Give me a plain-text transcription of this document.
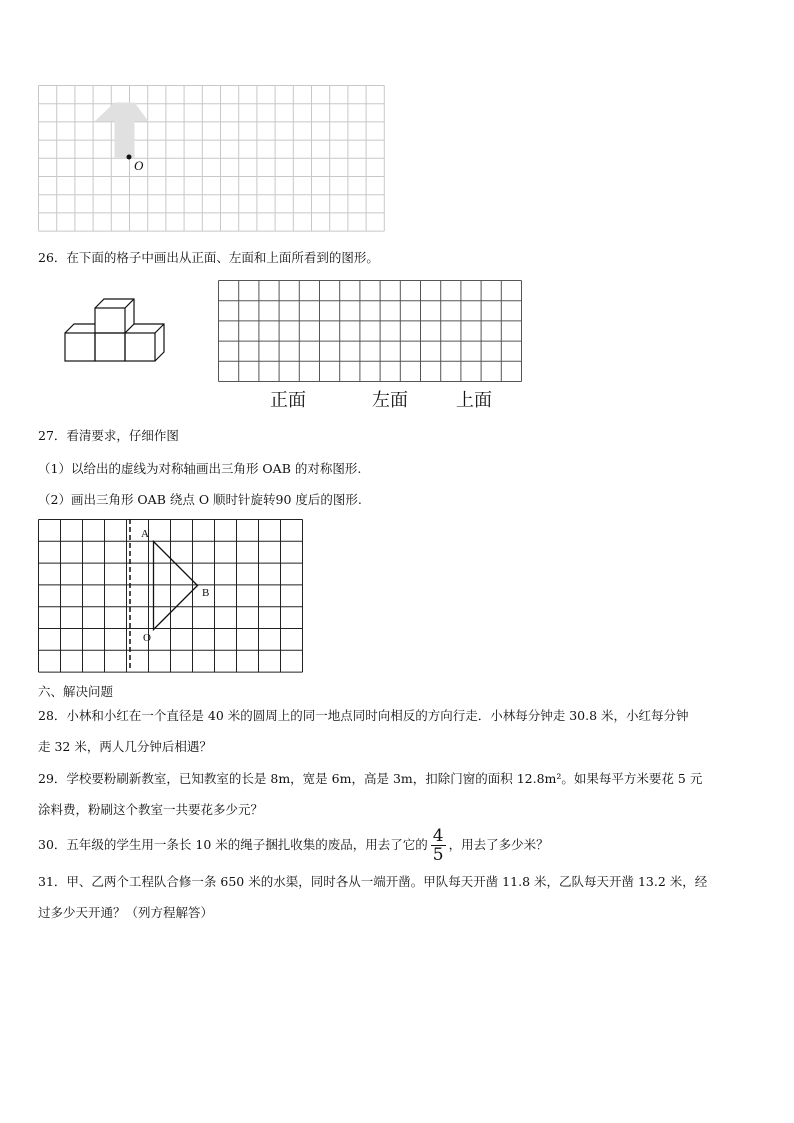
O
26．在下面的格子中画出从正面、左面和上面所看到的图形。
正面	左面	上面
27．看清要求，仔细作图
（1）以给出的虚线为对称轴画出三角形 OAB 的对称图形.
（2）画出三角形 OAB 绕点 O 顺时针旋转90 度后的图形.
A
B
O
六、解决问题
28．小林和小红在一个直径是 40 米的圆周上的同一地点同时向相反的方向行走．小林每分钟走 30.8 米，小红每分钟
走 32 米，两人几分钟后相遇？
29．学校要粉刷新教室，已知教室的长是 8m，宽是 6m，高是 3m，扣除门窗的面积 12.8m²。如果每平方米要花 5 元
涂料费，粉刷这个教室一共要花多少元？
30．五年级的学生用一条长 10 米的绳子捆扎收集的废品，用去了它的 $\frac{4}{5}$ ，用去了多少米？
31．甲、乙两个工程队合修一条 650 米的水渠，同时各从一端开凿。甲队每天开凿 11.8 米，乙队每天开凿 13.2 米，经
过多少天开通？（列方程解答）
